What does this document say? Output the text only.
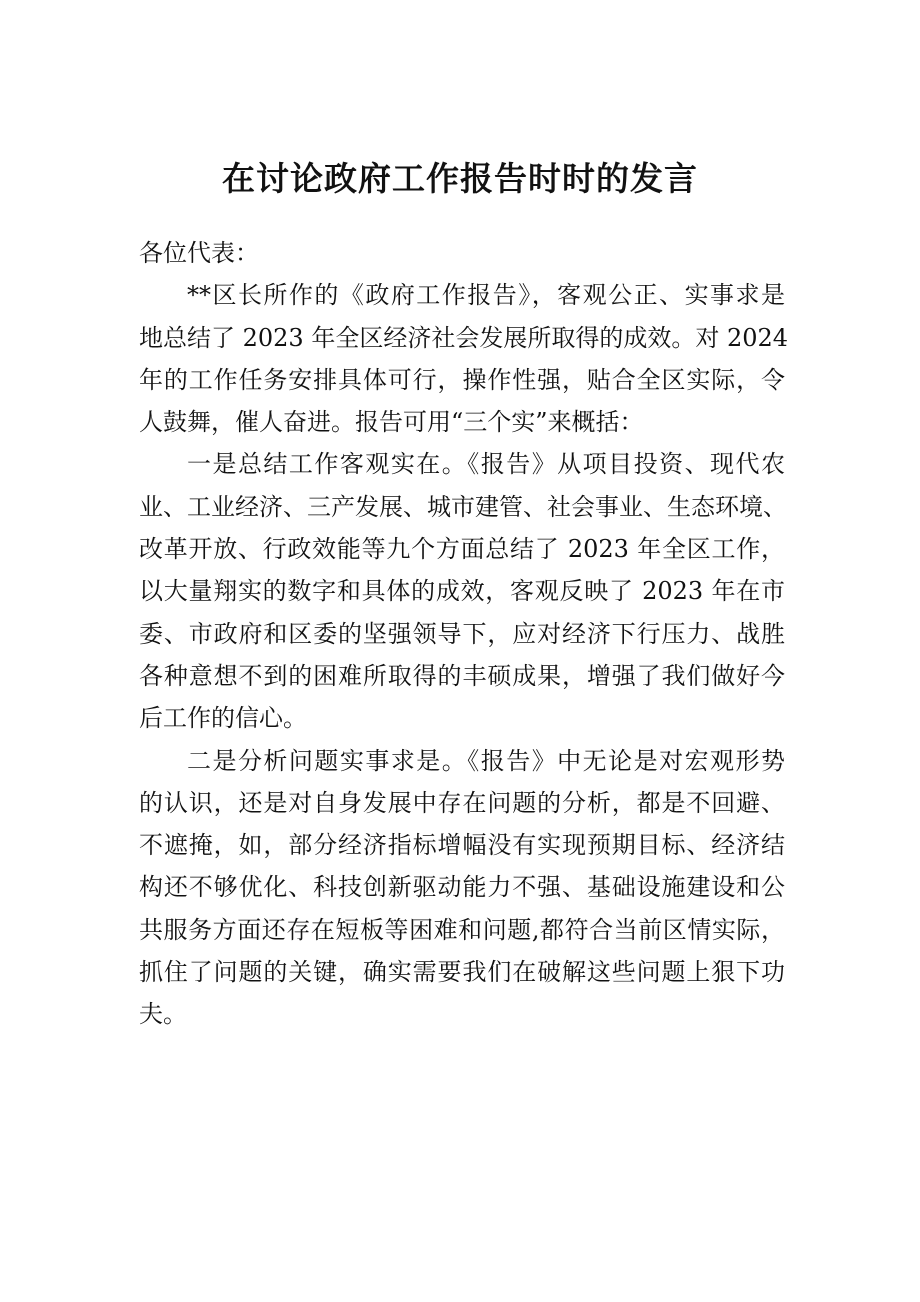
在讨论政府工作报告时时的发言

各位代表：

**区长所作的《政府工作报告》，客观公正、实事求是

地总结了 2023 年全区经济社会发展所取得的成效。对 2024

年的工作任务安排具体可行，操作性强，贴合全区实际，令

人鼓舞，催人奋进。报告可用“三个实”来概括：

一是总结工作客观实在。《报告》从项目投资、现代农

业、工业经济、三产发展、城市建管、社会事业、生态环境、

改革开放、行政效能等九个方面总结了 2023 年全区工作，

以大量翔实的数字和具体的成效，客观反映了 2023 年在市

委、市政府和区委的坚强领导下，应对经济下行压力、战胜

各种意想不到的困难所取得的丰硕成果，增强了我们做好今

后工作的信心。

二是分析问题实事求是。《报告》中无论是对宏观形势

的认识，还是对自身发展中存在问题的分析，都是不回避、

不遮掩，如，部分经济指标增幅没有实现预期目标、经济结

构还不够优化、科技创新驱动能力不强、基础设施建设和公

共服务方面还存在短板等困难和问题,都符合当前区情实际，

抓住了问题的关键，确实需要我们在破解这些问题上狠下功

夫。
